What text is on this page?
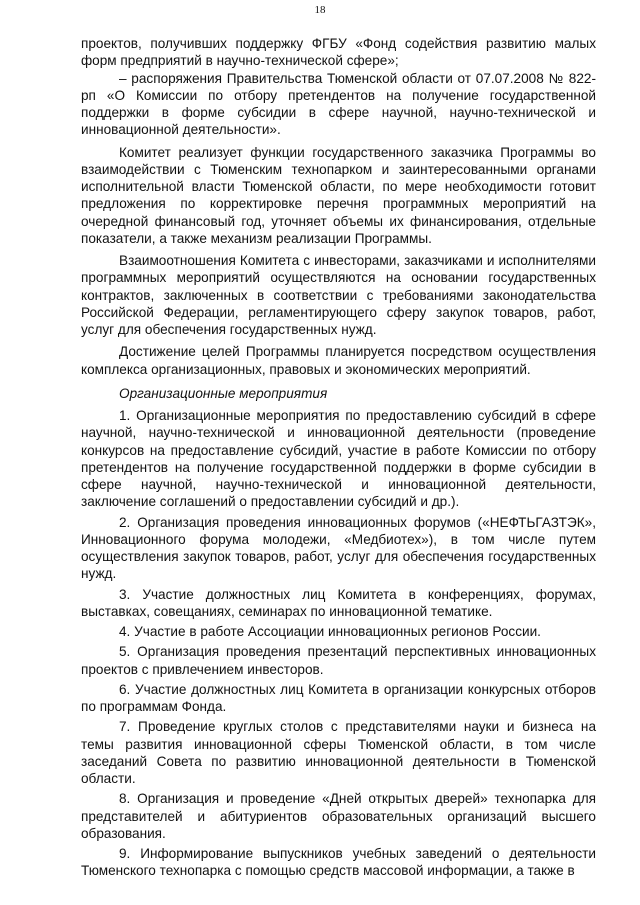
18

проектов, получивших поддержку ФГБУ «Фонд содействия развитию малых форм предприятий в научно-технической сфере»;

– распоряжения Правительства Тюменской области от 07.07.2008 № 822-рп «О Комиссии по отбору претендентов на получение государственной поддержки в форме субсидии в сфере научной, научно-технической и инновационной деятельности».

Комитет реализует функции государственного заказчика Программы во взаимодействии с Тюменским технопарком и заинтересованными органами исполнительной власти Тюменской области, по мере необходимости готовит предложения по корректировке перечня программных мероприятий на очередной финансовый год, уточняет объемы их финансирования, отдельные показатели, а также механизм реализации Программы.

Взаимоотношения Комитета с инвесторами, заказчиками и исполнителями программных мероприятий осуществляются на основании государственных контрактов, заключенных в соответствии с требованиями законодательства Российской Федерации, регламентирующего сферу закупок товаров, работ, услуг для обеспечения государственных нужд.

Достижение целей Программы планируется посредством осуществления комплекса организационных, правовых и экономических мероприятий.

Организационные мероприятия

1. Организационные мероприятия по предоставлению субсидий в сфере научной, научно-технической и инновационной деятельности (проведение конкурсов на предоставление субсидий, участие в работе Комиссии по отбору претендентов на получение государственной поддержки в форме субсидии в сфере научной, научно-технической и инновационной деятельности, заключение соглашений о предоставлении субсидий и др.).

2. Организация проведения инновационных форумов («НЕФТЬГАЗТЭК», Инновационного форума молодежи, «Медбиотех»), в том числе путем осуществления закупок товаров, работ, услуг для обеспечения государственных нужд.

3. Участие должностных лиц Комитета в конференциях, форумах, выставках, совещаниях, семинарах по инновационной тематике.

4. Участие в работе Ассоциации инновационных регионов России.

5. Организация проведения презентаций перспективных инновационных проектов с привлечением инвесторов.

6. Участие должностных лиц Комитета в организации конкурсных отборов по программам Фонда.

7. Проведение круглых столов с представителями науки и бизнеса на темы развития инновационной сферы Тюменской области, в том числе заседаний Совета по развитию инновационной деятельности в Тюменской области.

8. Организация и проведение «Дней открытых дверей» технопарка для представителей и абитуриентов образовательных организаций высшего образования.

9. Информирование выпускников учебных заведений о деятельности Тюменского технопарка с помощью средств массовой информации, а также в
